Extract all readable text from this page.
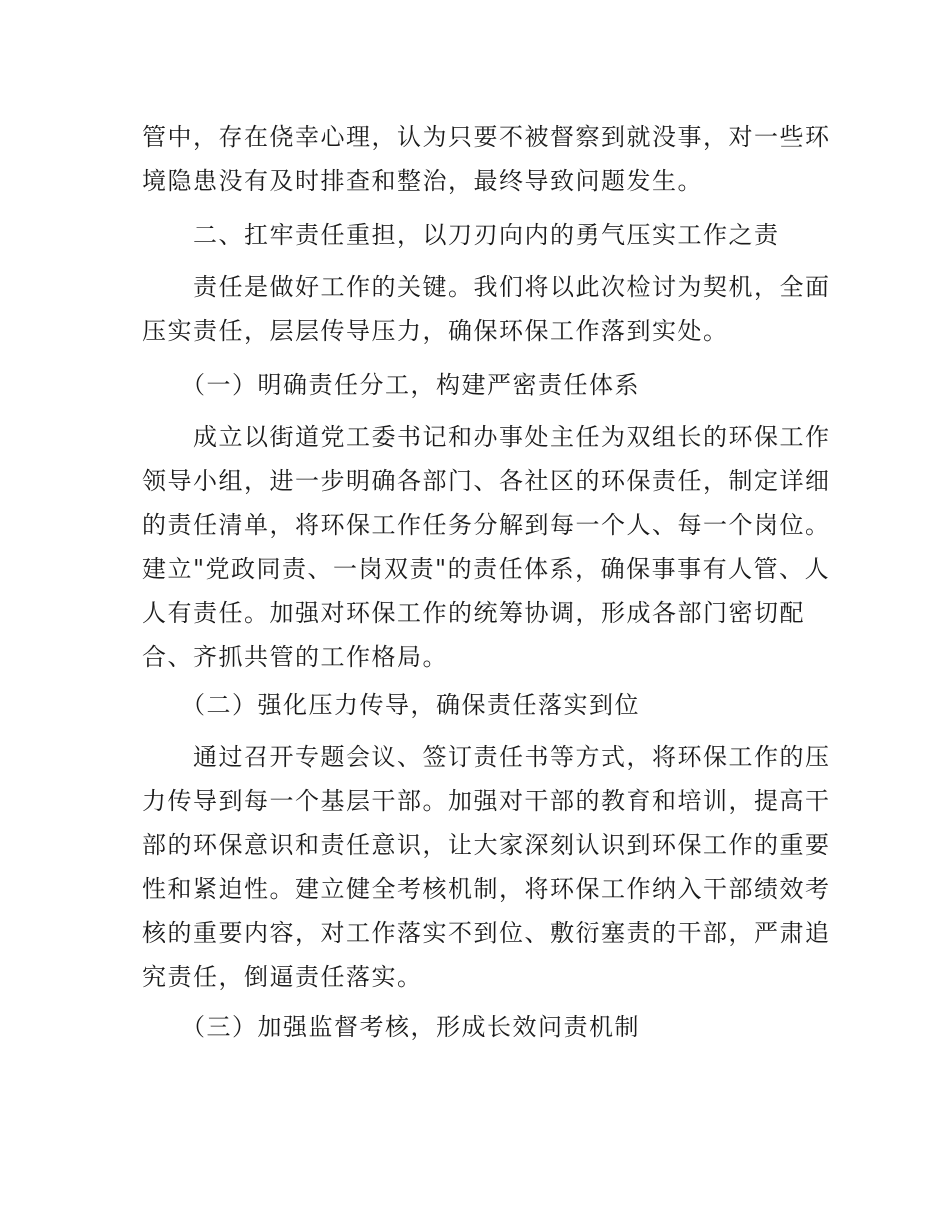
管中，存在侥幸心理，认为只要不被督察到就没事，对一些环
境隐患没有及时排查和整治，最终导致问题发生。
　　二、扛牢责任重担，以刀刃向内的勇气压实工作之责
　　责任是做好工作的关键。我们将以此次检讨为契机，全面
压实责任，层层传导压力，确保环保工作落到实处。
　　（一）明确责任分工，构建严密责任体系
　　成立以街道党工委书记和办事处主任为双组长的环保工作
领导小组，进一步明确各部门、各社区的环保责任，制定详细
的责任清单，将环保工作任务分解到每一个人、每一个岗位。
建立"党政同责、一岗双责"的责任体系，确保事事有人管、人
人有责任。加强对环保工作的统筹协调，形成各部门密切配
合、齐抓共管的工作格局。
　　（二）强化压力传导，确保责任落实到位
　　通过召开专题会议、签订责任书等方式，将环保工作的压
力传导到每一个基层干部。加强对干部的教育和培训，提高干
部的环保意识和责任意识，让大家深刻认识到环保工作的重要
性和紧迫性。建立健全考核机制，将环保工作纳入干部绩效考
核的重要内容，对工作落实不到位、敷衍塞责的干部，严肃追
究责任，倒逼责任落实。
　　（三）加强监督考核，形成长效问责机制
